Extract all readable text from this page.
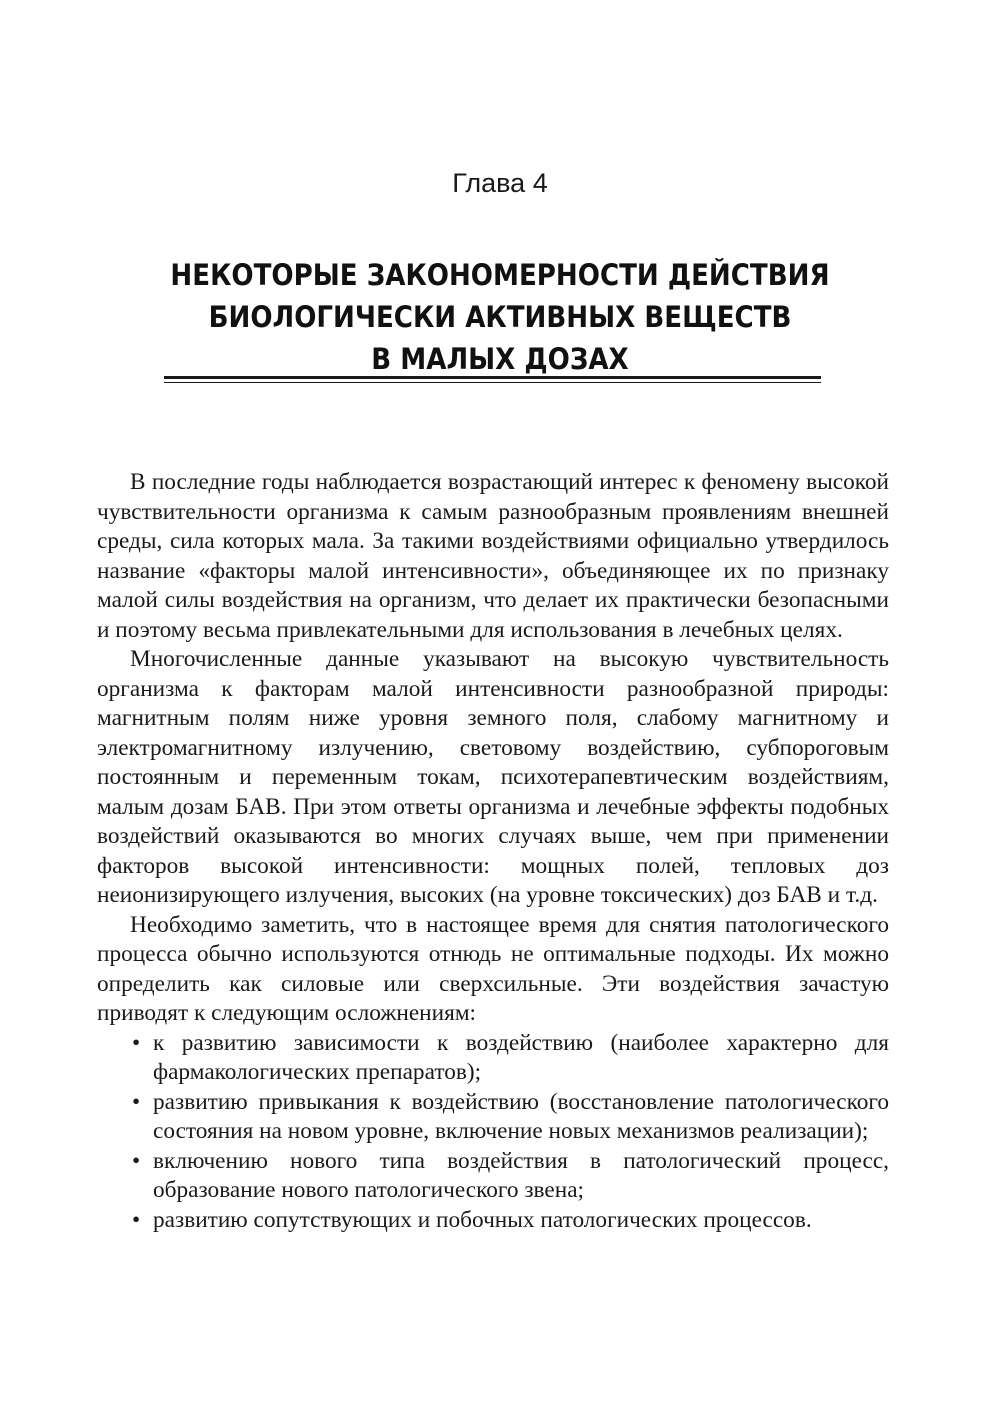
Глава 4
НЕКОТОРЫЕ ЗАКОНОМЕРНОСТИ ДЕЙСТВИЯ
БИОЛОГИЧЕСКИ АКТИВНЫХ ВЕЩЕСТВ
В МАЛЫХ ДОЗАХ

В последние годы наблюдается возрастающий интерес к феномену высокой чувствительности организма к самым разнообразным проявлениям внешней среды, сила которых мала. За такими воздействиями официально утвердилось название «факторы малой интенсивности», объединяющее их по признаку малой силы воздействия на организм, что делает их практически безопасными и поэтому весьма привлекательными для использования в лечебных целях.

Многочисленные данные указывают на высокую чувствительность организма к факторам малой интенсивности разнообразной природы: магнитным полям ниже уровня земного поля, слабому магнитному и электромагнитному излучению, световому воздействию, субпороговым постоянным и переменным токам, психотерапевтическим воздействиям, малым дозам БАВ. При этом ответы организма и лечебные эффекты подобных воздействий оказываются во многих случаях выше, чем при применении факторов высокой интенсивности: мощных полей, тепловых доз неионизирующего излучения, высоких (на уровне токсических) доз БАВ и т.д.

Необходимо заметить, что в настоящее время для снятия патологического процесса обычно используются отнюдь не оптимальные подходы. Их можно определить как силовые или сверхсильные. Эти воздействия зачастую приводят к следующим осложнениям:

• к развитию зависимости к воздействию (наиболее характерно для фармакологических препаратов);
• развитию привыкания к воздействию (восстановление патологического состояния на новом уровне, включение новых механизмов реализации);
• включению нового типа воздействия в патологический процесс, образование нового патологического звена;
• развитию сопутствующих и побочных патологических процессов.
